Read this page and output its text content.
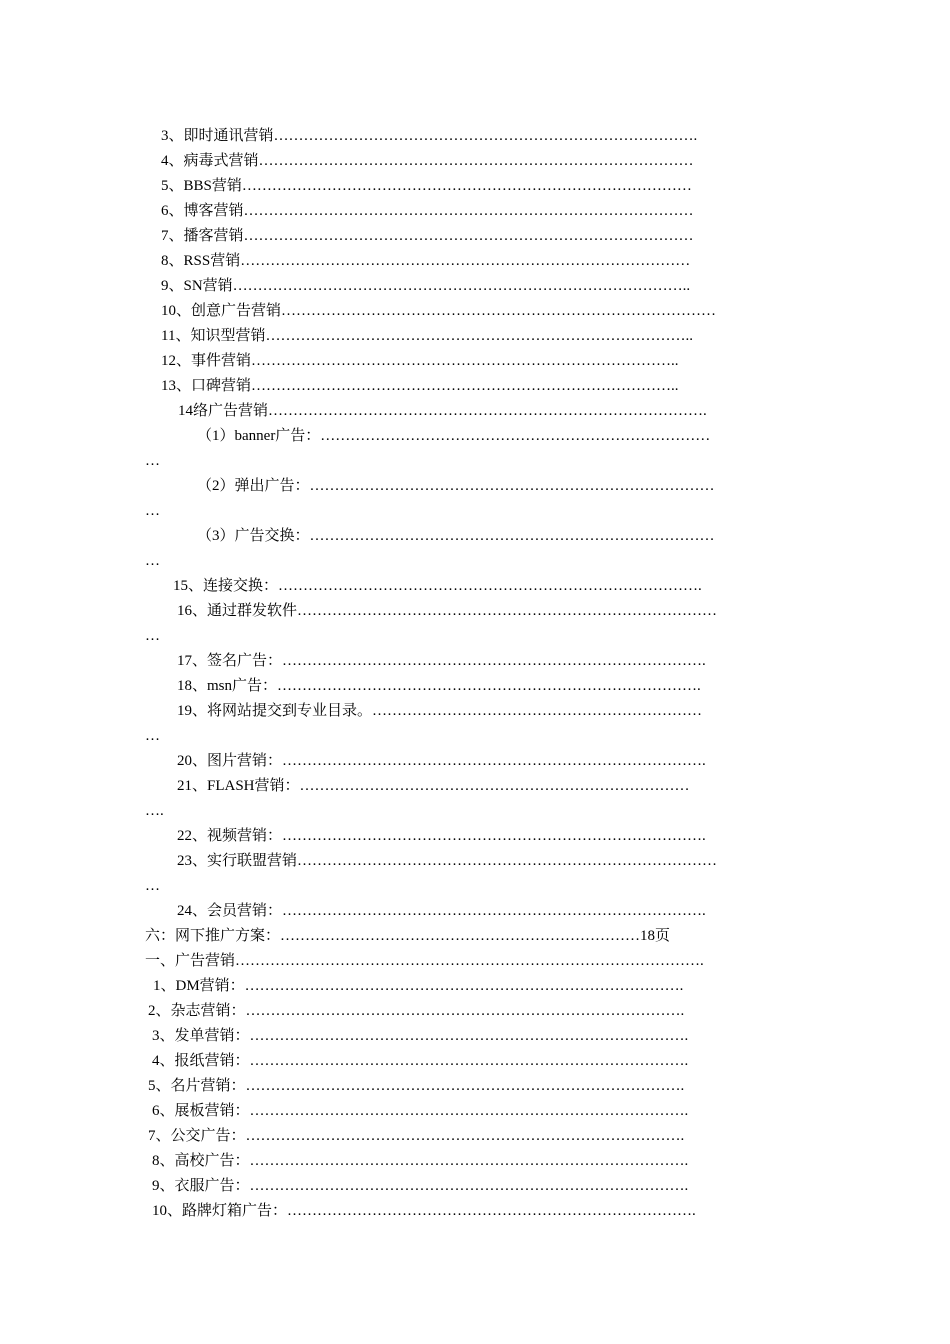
3、即时通讯营销………………………………………………………………………….
4、病毒式营销……………………………………………………………………………
5、BBS营销………………………………………………………………………………
6、博客营销………………………………………………………………………………
7、播客营销………………………………………………………………………………
8、RSS营销………………………………………………………………………………
9、SN营销………………………………………………………………………………..
10、创意广告营销……………………………………………………………………………
11、知识型营销…………………………………………………………………………..
12、事件营销…………………………………………………………………………..
13、口碑营销…………………………………………………………………………..
14络广告营销…………………………………………………………………………….
（1）banner广告：……………………………………………………………………
…
（2）弹出广告：………………………………………………………………………
…
（3）广告交换：………………………………………………………………………
…
15、连接交换：………………………………………………………………………….
16、通过群发软件…………………………………………………………………………
…
17、签名广告：………………………………………………………………………….
18、msn广告：………………………………………………………………………….
19、将网站提交到专业目录。…………………………………………………………
…
20、图片营销：………………………………………………………………………….
21、FLASH营销：……………………………………………………………………
….
22、视频营销：………………………………………………………………………….
23、实行联盟营销…………………………………………………………………………
…
24、会员营销：………………………………………………………………………….
六：网下推广方案：………………………………………………………………18页
一、广告营销………………………………………………………………………………….
1、DM营销：…………………………………………………………………………….
2、杂志营销：…………………………………………………………………………….
3、发单营销：…………………………………………………………………………….
4、报纸营销：…………………………………………………………………………….
5、名片营销：…………………………………………………………………………….
6、展板营销：…………………………………………………………………………….
7、公交广告：…………………………………………………………………………….
8、高校广告：…………………………………………………………………………….
9、衣服广告：…………………………………………………………………………….
10、路牌灯箱广告：……………………………………………………………………….
